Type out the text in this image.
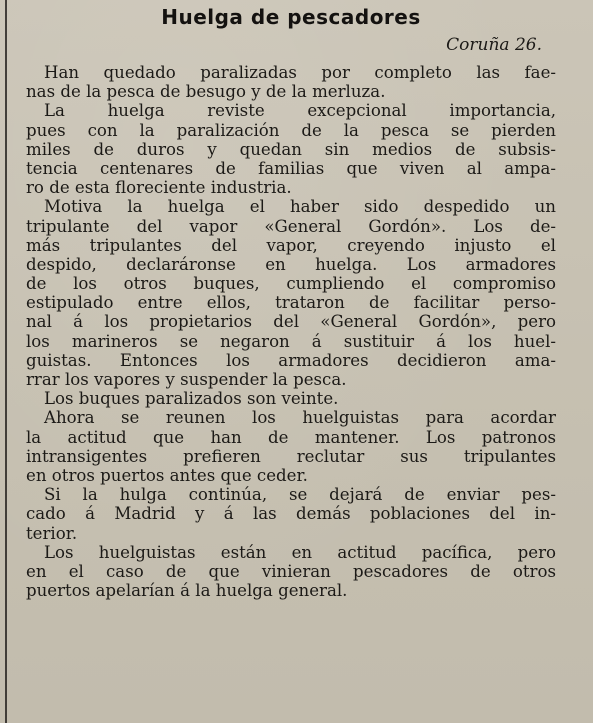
Huelga de pescadores
Coruña 26.
Han quedado paralizadas por completo las fae-
nas de la pesca de besugo y de la merluza.
La huelga reviste excepcional importancia,
pues con la paralización de la pesca se pierden
miles de duros y quedan sin medios de subsis-
tencia centenares de familias que viven al ampa-
ro de esta floreciente industria.
Motiva la huelga el haber sido despedido un
tripulante del vapor «General Gordón». Los de-
más tripulantes del vapor, creyendo injusto el
despido, declaráronse en huelga. Los armadores
de los otros buques, cumpliendo el compromiso
estipulado entre ellos, trataron de facilitar perso-
nal á los propietarios del «General Gordón», pero
los marineros se negaron á sustituir á los huel-
guistas. Entonces los armadores decidieron ama-
rrar los vapores y suspender la pesca.
Los buques paralizados son veinte.
Ahora se reunen los huelguistas para acordar
la actitud que han de mantener. Los patronos
intransigentes prefieren reclutar sus tripulantes
en otros puertos antes que ceder.
Si la hulga continúa, se dejará de enviar pes-
cado á Madrid y á las demás poblaciones del in-
terior.
Los huelguistas están en actitud pacífica, pero
en el caso de que vinieran pescadores de otros
puertos apelarían á la huelga general.
